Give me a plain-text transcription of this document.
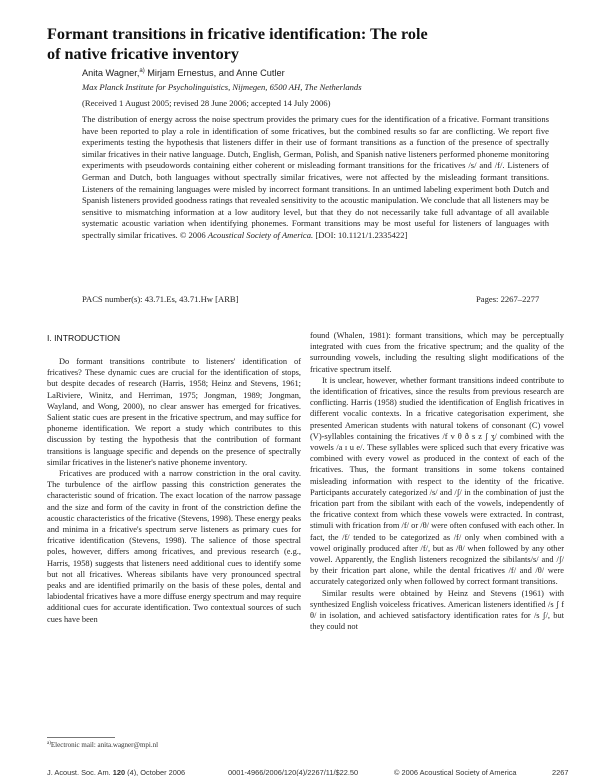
Formant transitions in fricative identification: The role
of native fricative inventory
Anita Wagner,$^{a)}$ Mirjam Ernestus, and Anne Cutler
Max Planck Institute for Psycholinguistics, Nijmegen, 6500 AH, The Netherlands
(Received 1 August 2005; revised 28 June 2006; accepted 14 July 2006)
The distribution of energy across the noise spectrum provides the primary cues for the identification of a fricative. Formant transitions have been reported to play a role in identification of some fricatives, but the combined results so far are conflicting. We report five experiments testing the hypothesis that listeners differ in their use of formant transitions as a function of the presence of spectrally similar fricatives in their native language. Dutch, English, German, Polish, and Spanish native listeners performed phoneme monitoring experiments with pseudowords containing either coherent or misleading formant transitions for the fricatives /s/ and /f/. Listeners of German and Dutch, both languages without spectrally similar fricatives, were not affected by the misleading formant transitions. Listeners of the remaining languages were misled by incorrect formant transitions. In an untimed labeling experiment both Dutch and Spanish listeners provided goodness ratings that revealed sensitivity to the acoustic manipulation. We conclude that all listeners may be sensitive to mismatching information at a low auditory level, but that they do not necessarily take full advantage of all available systematic acoustic variation when identifying phonemes. Formant transitions may be most useful for listeners of languages with spectrally similar fricatives. © 2006 Acoustical Society of America. [DOI: 10.1121/1.2335422]
PACS number(s): 43.71.Es, 43.71.Hw [ARB]	Pages: 2267–2277
I. INTRODUCTION

Do formant transitions contribute to listeners' identification of fricatives? These dynamic cues are crucial for the identification of stops, but despite decades of research (Harris, 1958; Heinz and Stevens, 1961; LaRiviere, Winitz, and Herriman, 1975; Jongman, 1989; Jongman, Wayland, and Wong, 2000), no clear answer has emerged for fricatives. Salient static cues are present in the fricative spectrum, and may suffice for phoneme identification. We report a study which contributes to this discussion by testing the hypothesis that the contribution of formant transitions is language specific and depends on the presence of spectrally similar fricatives in the listener's native phoneme inventory.

Fricatives are produced with a narrow constriction in the oral cavity. The turbulence of the airflow passing this constriction generates the characteristic sound of frication. The exact location of the narrow passage and the size and form of the cavity in front of the constriction define the acoustic characteristics of the fricative (Stevens, 1998). These energy peaks and minima in a fricative's spectrum serve listeners as primary cues for fricative identification (Stevens, 1998). The salience of those spectral poles, however, differs among fricatives, and previous research (e.g., Harris, 1958) suggests that listeners need additional cues to identify some but not all fricatives. Whereas sibilants have very pronounced spectral peaks and are identified primarily on the basis of these poles, dental and labiodental fricatives have a more diffuse energy spectrum and may require additional cues for accurate identification. Two contextual sources of such cues have been

found (Whalen, 1981): formant transitions, which may be perceptually integrated with cues from the fricative spectrum; and the quality of the surrounding vowels, including the resulting slight modifications of the fricative spectrum itself.

It is unclear, however, whether formant transitions indeed contribute to the identification of fricatives, since the results from previous research are conflicting. Harris (1958) studied the identification of English fricatives in different vocalic contexts. In a fricative categorisation experiment, she presented American students with natural tokens of consonant (C) vowel (V)-syllables containing the fricatives /f v θ ð s z ʃ ʒ/ combined with the vowels /a ɪ u e/. These syllables were spliced such that every fricative was combined with every vowel as produced in the context of each of the fricatives. Thus, the formant transitions in some tokens contained misleading information with respect to the identity of the fricative. Participants accurately categorized /s/ and /ʃ/ in the combination of just the frication part from the sibilant with each of the vowels, independently of the fricative context from which these vowels were extracted. In contrast, stimuli with frication from /f/ or /θ/ were often confused with each other. In fact, the /f/ tended to be categorized as /f/ only when combined with a vowel originally produced after /f/, but as /θ/ when followed by any other vowel. Apparently, the English listeners recognized the sibilants/s/ and /ʃ/ by their frication part alone, while the dental fricatives /f/ and /θ/ were accurately categorized only when followed by correct formant transitions.

Similar results were obtained by Heinz and Stevens (1961) with synthesized English voiceless fricatives. American listeners identified /s ʃ f θ/ in isolation, and achieved satisfactory identification rates for /s ʃ/, but they could not

$^{a)}$Electronic mail: anita.wagner@mpi.nl
J. Acoust. Soc. Am. 120 (4), October 2006	0001-4966/2006/120(4)/2267/11/$22.50	© 2006 Acoustical Society of America	2267
